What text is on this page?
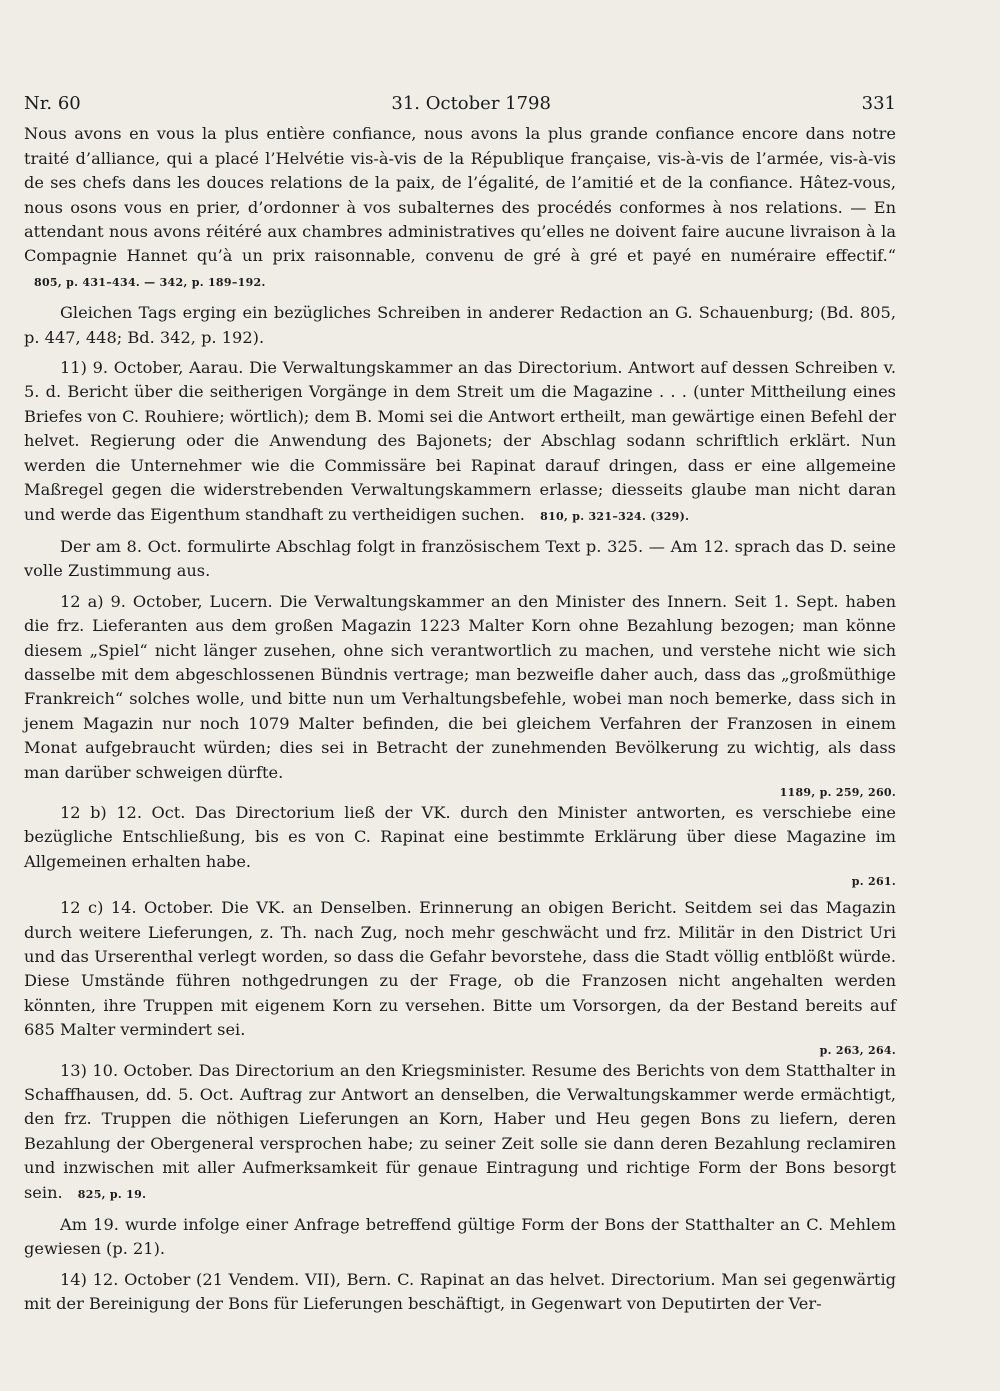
Nr. 60	31. October 1798	331

Nous avons en vous la plus entière confiance, nous avons la plus grande confiance encore dans notre traité d’alliance, qui a placé l’Helvétie vis-à-vis de la République française, vis-à-vis de l’armée, vis-à-vis de ses chefs dans les douces relations de la paix, de l’égalité, de l’amitié et de la confiance. Hâtez-vous, nous osons vous en prier, d’ordonner à vos subalternes des procédés conformes à nos relations. — En attendant nous avons réitéré aux chambres administratives qu’elles ne doivent faire aucune livraison à la Compagnie Hannet qu’à un prix raisonnable, convenu de gré à gré et payé en numéraire effectif.“ 805, p. 431–434. — 342, p. 189–192.

Gleichen Tags erging ein bezügliches Schreiben in anderer Redaction an G. Schauenburg; (Bd. 805, p. 447, 448; Bd. 342, p. 192).

11) 9. October, Aarau. Die Verwaltungskammer an das Directorium. Antwort auf dessen Schreiben v. 5. d. Bericht über die seitherigen Vorgänge in dem Streit um die Magazine . . . (unter Mittheilung eines Briefes von C. Rouhiere; wörtlich); dem B. Momi sei die Antwort ertheilt, man gewärtige einen Befehl der helvet. Regierung oder die Anwendung des Bajonets; der Abschlag sodann schriftlich erklärt. Nun werden die Unternehmer wie die Commissäre bei Rapinat darauf dringen, dass er eine allgemeine Maßregel gegen die widerstrebenden Verwaltungskammern erlasse; diesseits glaube man nicht daran und werde das Eigenthum standhaft zu vertheidigen suchen. 810, p. 321–324. (329).

Der am 8. Oct. formulirte Abschlag folgt in französischem Text p. 325. — Am 12. sprach das D. seine volle Zustimmung aus.

12 a) 9. October, Lucern. Die Verwaltungskammer an den Minister des Innern. Seit 1. Sept. haben die frz. Lieferanten aus dem großen Magazin 1223 Malter Korn ohne Bezahlung bezogen; man könne diesem „Spiel“ nicht länger zusehen, ohne sich verantwortlich zu machen, und verstehe nicht wie sich dasselbe mit dem abgeschlossenen Bündnis vertrage; man bezweifle daher auch, dass das „großmüthige Frankreich“ solches wolle, und bitte nun um Verhaltungsbefehle, wobei man noch bemerke, dass sich in jenem Magazin nur noch 1079 Malter befinden, die bei gleichem Verfahren der Franzosen in einem Monat aufgebraucht würden; dies sei in Betracht der zunehmenden Bevölkerung zu wichtig, als dass man darüber schweigen dürfte.

1189, p. 259, 260.

12 b) 12. Oct. Das Directorium ließ der VK. durch den Minister antworten, es verschiebe eine bezügliche Entschließung, bis es von C. Rapinat eine bestimmte Erklärung über diese Magazine im Allgemeinen erhalten habe.

p. 261.

12 c) 14. October. Die VK. an Denselben. Erinnerung an obigen Bericht. Seitdem sei das Magazin durch weitere Lieferungen, z. Th. nach Zug, noch mehr geschwächt und frz. Militär in den District Uri und das Urserenthal verlegt worden, so dass die Gefahr bevorstehe, dass die Stadt völlig entblößt würde. Diese Umstände führen nothgedrungen zu der Frage, ob die Franzosen nicht angehalten werden könnten, ihre Truppen mit eigenem Korn zu versehen. Bitte um Vorsorgen, da der Bestand bereits auf 685 Malter vermindert sei.

p. 263, 264.

13) 10. October. Das Directorium an den Kriegsminister. Resume des Berichts von dem Statthalter in Schaffhausen, dd. 5. Oct. Auftrag zur Antwort an denselben, die Verwaltungskammer werde ermächtigt, den frz. Truppen die nöthigen Lieferungen an Korn, Haber und Heu gegen Bons zu liefern, deren Bezahlung der Obergeneral versprochen habe; zu seiner Zeit solle sie dann deren Bezahlung reclamiren und inzwischen mit aller Aufmerksamkeit für genaue Eintragung und richtige Form der Bons besorgt sein. 825, p. 19.

Am 19. wurde infolge einer Anfrage betreffend gültige Form der Bons der Statthalter an C. Mehlem gewiesen (p. 21).

14) 12. October (21 Vendem. VII), Bern. C. Rapinat an das helvet. Directorium. Man sei gegenwärtig mit der Bereinigung der Bons für Lieferungen beschäftigt, in Gegenwart von Deputirten der Ver-
